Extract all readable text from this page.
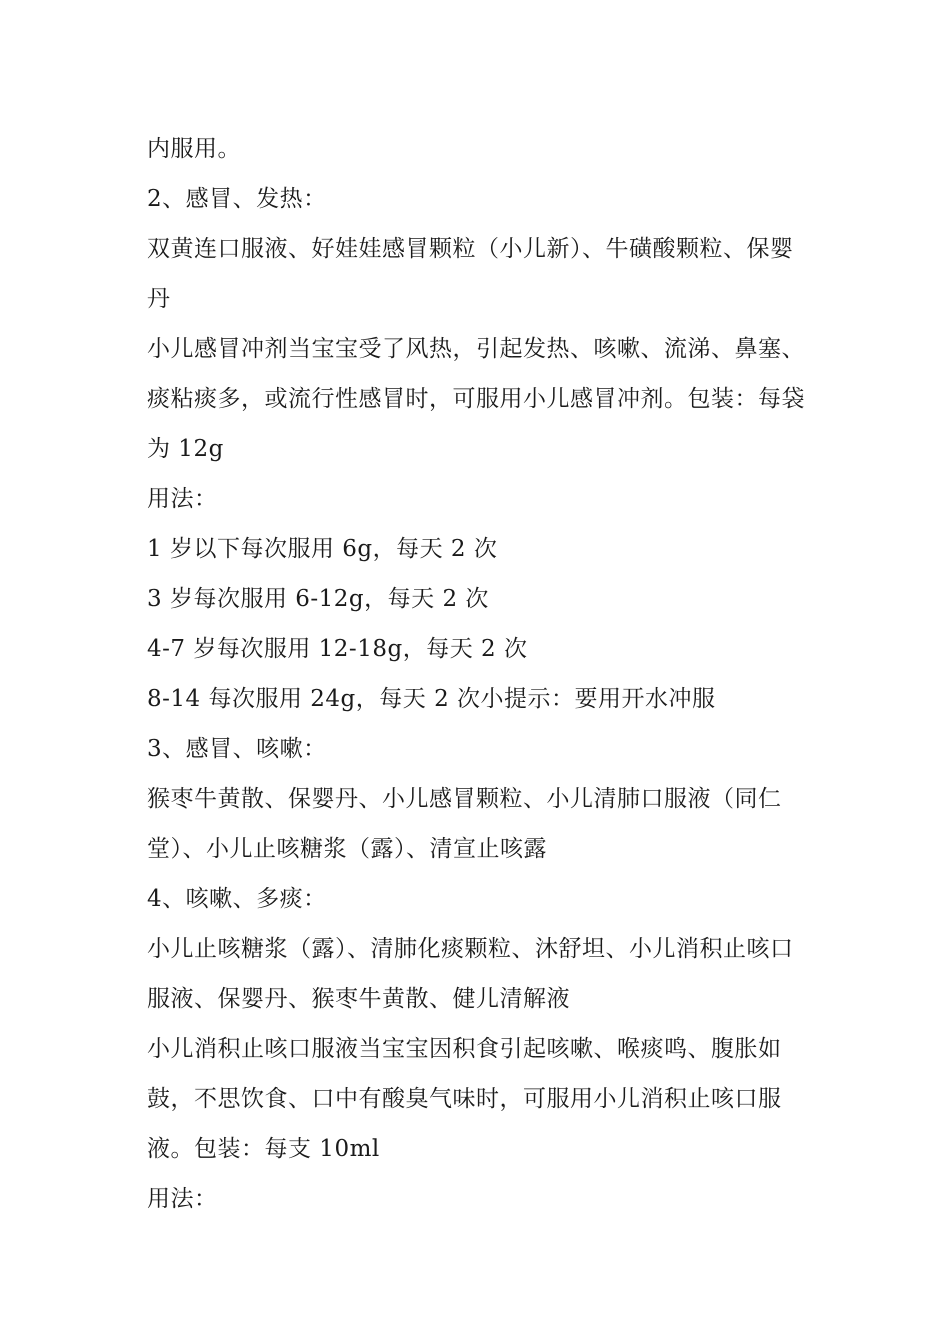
内服用。

2、感冒、发热：

双黄连口服液、好娃娃感冒颗粒（小儿新）、牛磺酸颗粒、保婴丹

小儿感冒冲剂当宝宝受了风热，引起发热、咳嗽、流涕、鼻塞、痰粘痰多，或流行性感冒时，可服用小儿感冒冲剂。包装：每袋为 12g

用法：

1 岁以下每次服用 6g，每天 2 次

3 岁每次服用 6-12g，每天 2 次

4-7 岁每次服用 12-18g，每天 2 次

8-14 每次服用 24g，每天 2 次小提示：要用开水冲服

3、感冒、咳嗽：

猴枣牛黄散、保婴丹、小儿感冒颗粒、小儿清肺口服液（同仁堂）、小儿止咳糖浆（露）、清宣止咳露

4、咳嗽、多痰：

小儿止咳糖浆（露）、清肺化痰颗粒、沐舒坦、小儿消积止咳口服液、保婴丹、猴枣牛黄散、健儿清解液

小儿消积止咳口服液当宝宝因积食引起咳嗽、喉痰鸣、腹胀如鼓，不思饮食、口中有酸臭气味时，可服用小儿消积止咳口服液。包装：每支 10ml

用法：
